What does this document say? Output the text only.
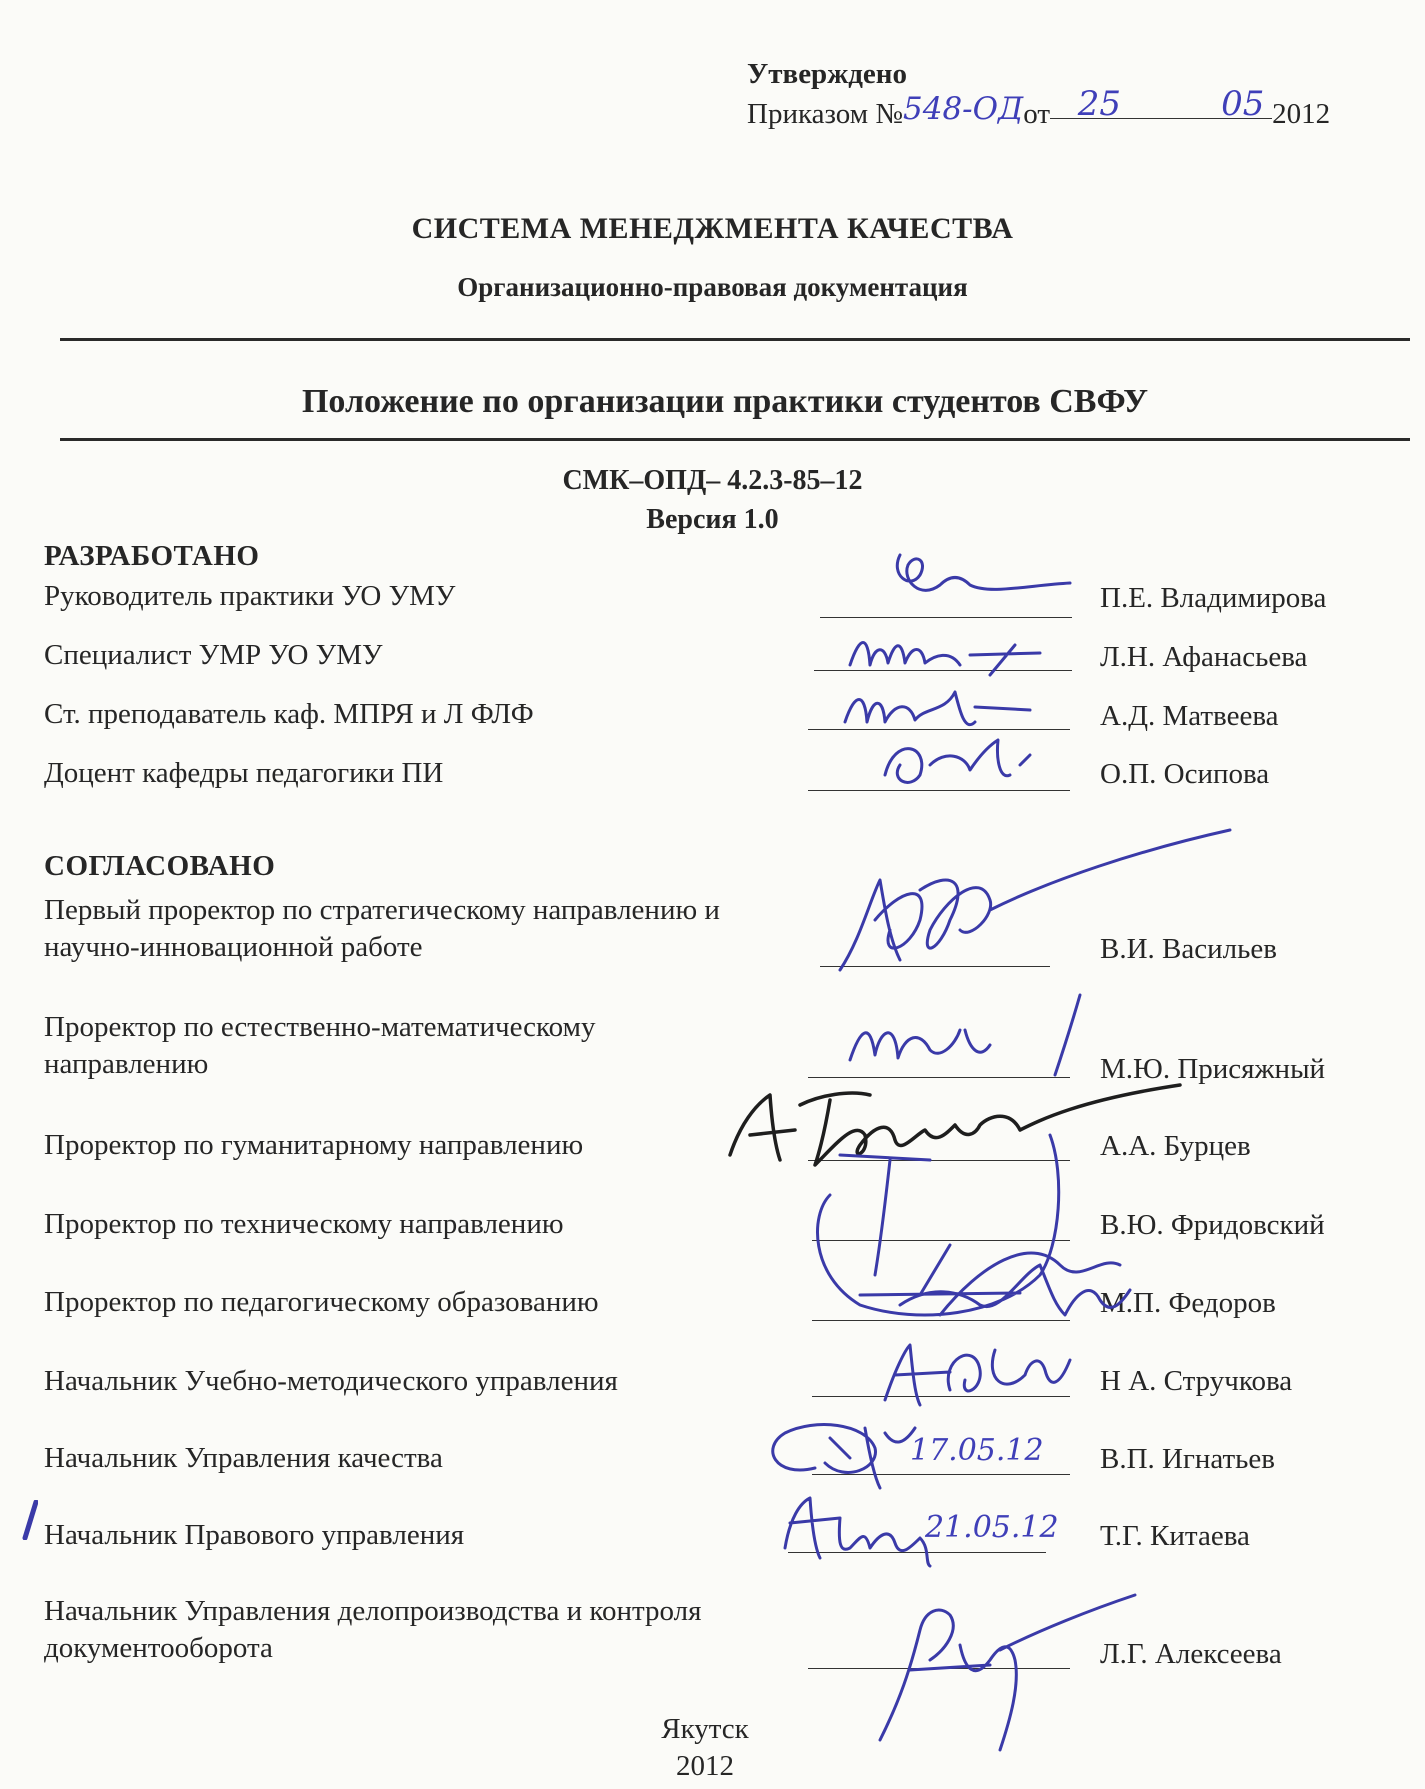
Утверждено
Приказом №548-ОДот 25	05 2012
СИСТЕМА МЕНЕДЖМЕНТА КАЧЕСТВА
Организационно-правовая документация
Положение по организации практики студентов СВФУ
СМК–ОПД– 4.2.3-85–12
Версия 1.0
РАЗРАБОТАНО
Руководитель практики УО УМУ	П.Е. Владимирова
Специалист УМР УО УМУ	Л.Н. Афанасьева
Ст. преподаватель каф. МПРЯ и Л ФЛФ	А.Д. Матвеева
Доцент кафедры педагогики ПИ	О.П. Осипова
СОГЛАСОВАНО
Первый проректор по стратегическому направлению и научно-инновационной работе	В.И. Васильев
Проректор по естественно-математическому направлению	М.Ю. Присяжный
Проректор по гуманитарному направлению	А.А. Бурцев
Проректор по техническому направлению	В.Ю. Фридовский
Проректор по педагогическому образованию	М.П. Федоров
Начальник Учебно-методического управления	Н А. Стручкова
Начальник Управления качества	17.05.12 В.П. Игнатьев
Начальник Правового управления	21.05.12 Т.Г. Китаева
Начальник Управления делопроизводства и контроля документооборота	Л.Г. Алексеева
Якутск
2012
